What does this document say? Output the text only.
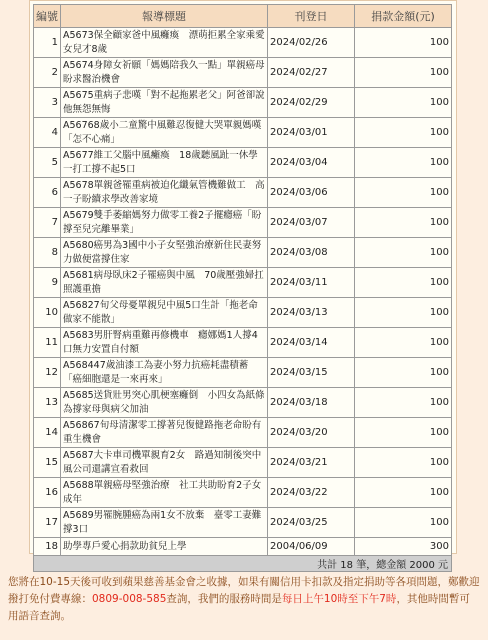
編號	報導標題	刊登日	捐款金額(元)
1	A5673保全顧家爸中風癱瘓　漂萌拒累全家乘愛女兒才8歲	2024/02/26	100
2	A5674身障女祈願「媽媽陪我久一點」單親癌母盼求醫治機會	2024/02/27	100
3	A5675重病子悲嘆「對不起拖累老父」阿爸卻說他無怨無悔	2024/02/29	100
4	A56768歲小二童驚中風難忍復健大哭單親媽嘆「怎不心痛」	2024/03/01	100
5	A5677維工父腦中風癱瘓　18歲聽風趾一休學一打工撐不起5口	2024/03/04	100
6	A5678單親爸罹重病被迫化纖氣管機難做工　高一子盼續求學改善家境	2024/03/06	100
7	A5679雙手萎縮媽努力做零工養2子擺癮癌「盼撐至兒完離畢業」	2024/03/07	100
8	A5680癌男為3國中小子女堅強治療新住民妻努力做便當撐住家	2024/03/08	100
9	A5681病母臥床2子罹癌與中風　70歲壓強婦扛照護重擔	2024/03/11	100
10	A56827旬父母憂單親兒中風5口生計「拖老命做家不能散」	2024/03/13	100
11	A5683男肝腎病重難再修機車　癮娜媽1人撐4口無力安置自付額	2024/03/14	100
12	A568447歲油漆工為妻小努力抗癌耗盡積蓄「癌細胞還是一來再來」	2024/03/15	100
13	A5685送貨壯男突心肌梗塞癱倒　小四女為紙條為撐家母與病父加油	2024/03/18	100
14	A56867旬母清潔零工撐著兒復健路拖老命盼有重生機會	2024/03/20	100
15	A5687大卡車司機單親育2女　路過知制後突中風公司還講宣看救回	2024/03/21	100
16	A5688單親癌母堅強治療　社工共助盼育2子女成年	2024/03/22	100
17	A5689男罹腕腫癌為兩1女不放棄　臺零工妻難撐3口	2024/03/25	100
18	助學專戶愛心捐款助貧兒上學	2004/06/09	300
共計 18 筆，總金額 2000 元			
您將在10-15天後可收到蘋果慈善基金會之收據，如果有關信用卡扣款及指定捐助等各項問題，鄭歡迎撥打免付費專線：0809-008-585查詢，我們的服務時間是每日上午10時至下午7時，其他時間暫可用語音查詢。
